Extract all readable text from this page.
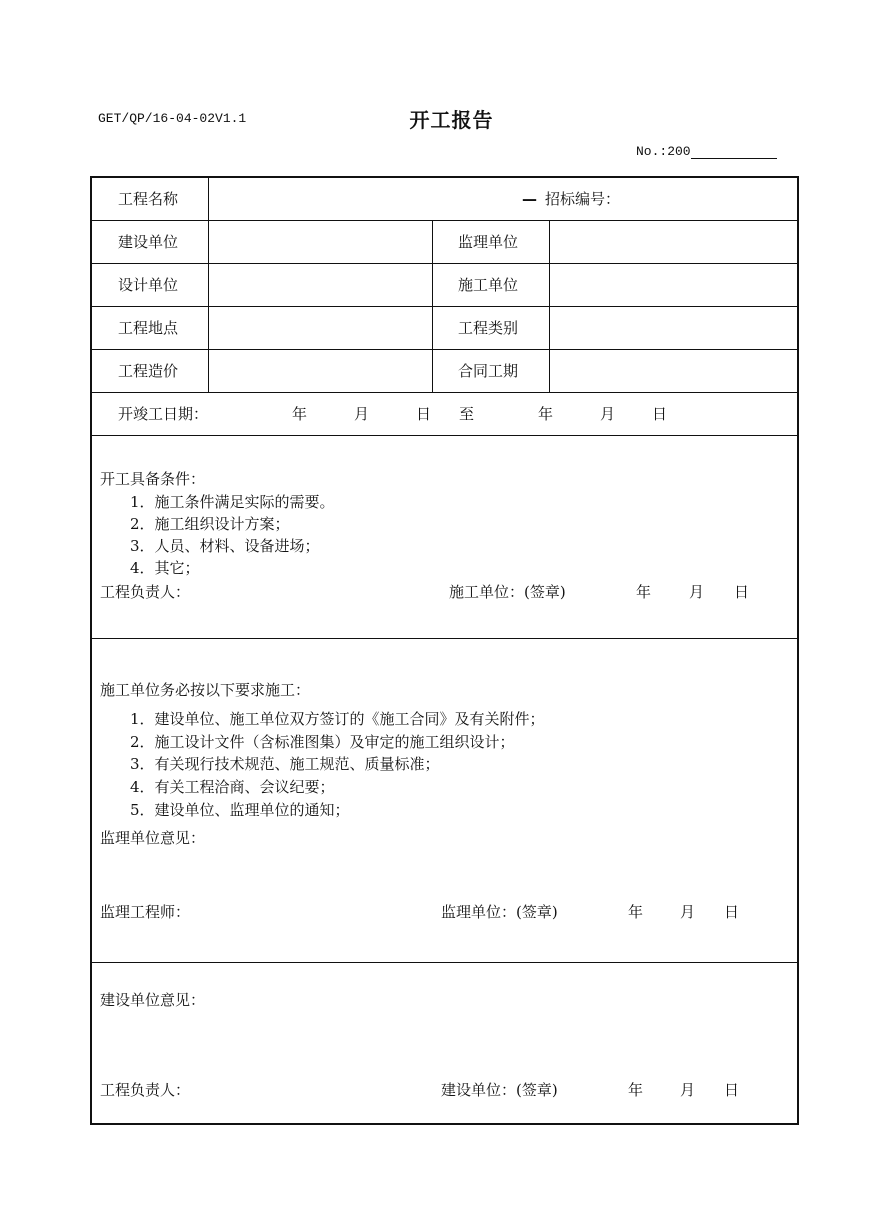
GET/QP/16-04-02V1.1	开工报告
No.:200
工程名称	— 招标编号：
建设单位	监理单位
设计单位	施工单位
工程地点	工程类别
工程造价	合同工期
开竣工日期：	年	月	日 至	年	月 日
开工具备条件：
1．施工条件满足实际的需要。
2．施工组织设计方案；
3．人员、材料、设备进场；
4．其它；
工程负责人：	施工单位：(签章)	年	月 日
施工单位务必按以下要求施工：
1．建设单位、施工单位双方签订的《施工合同》及有关附件；
2．施工设计文件（含标准图集）及审定的施工组织设计；
3．有关现行技术规范、施工规范、质量标准；
4．有关工程洽商、会议纪要；
5．建设单位、监理单位的通知；
监理单位意见：
监理工程师：	监理单位：(签章)	年 月 日
建设单位意见：
工程负责人：	建设单位：(签章)	年 月 日
